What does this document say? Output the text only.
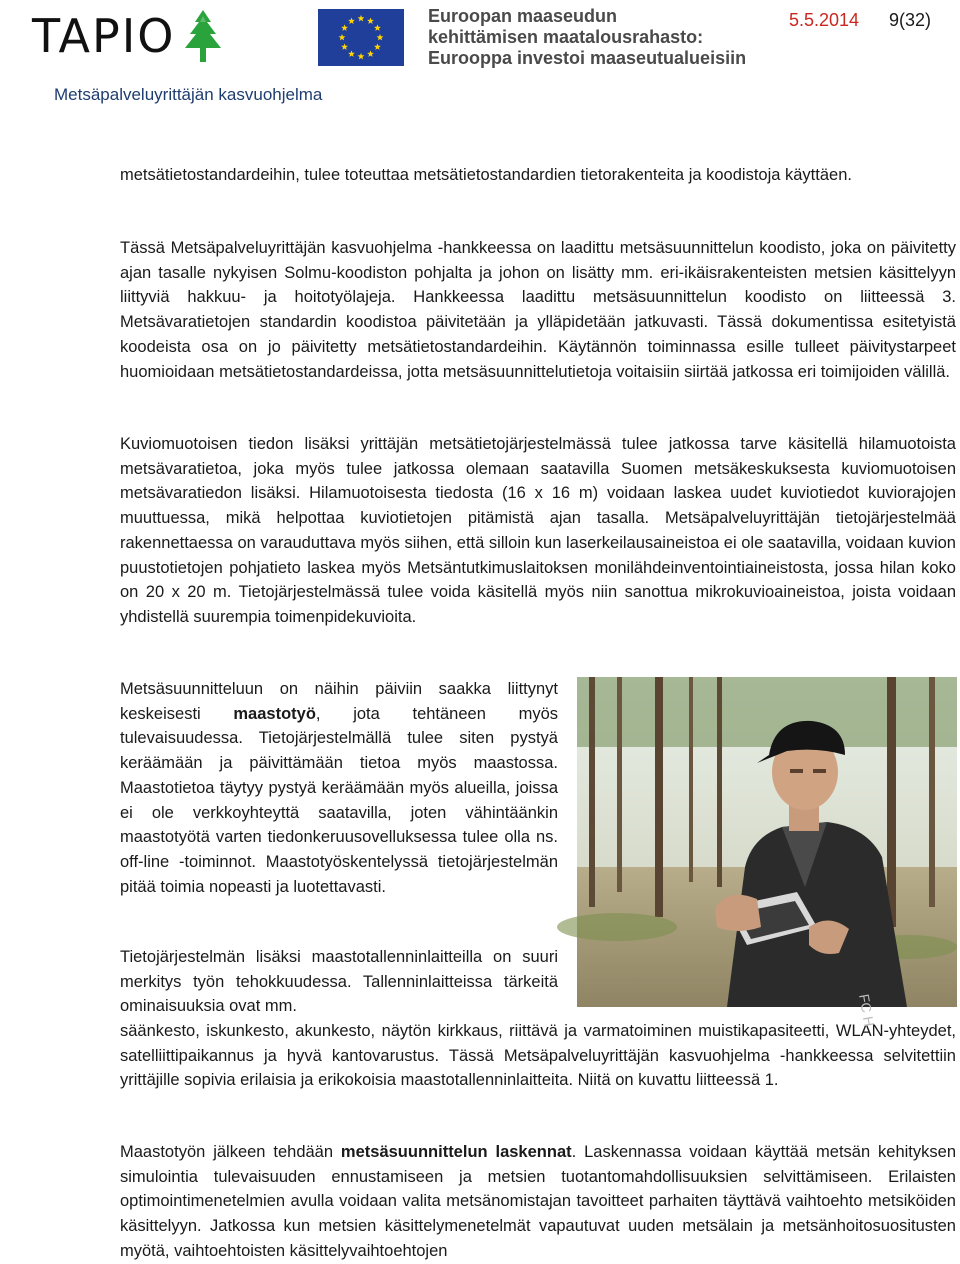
TAPIO	Euroopan maaseudun
kehittämisen maatalousrahasto:
Eurooppa investoi maaseutualueisiin
5.5.2014 9(32)
Metsäpalveluyrittäjän kasvuohjelma
metsätietostandardeihin, tulee toteuttaa metsätietostandardien tietorakenteita ja koodistoja käyttäen.
Tässä Metsäpalveluyrittäjän kasvuohjelma -hankkeessa on laadittu metsäsuunnittelun koodisto, joka on päivitetty ajan tasalle nykyisen Solmu-koodiston pohjalta ja johon on lisätty mm. eri-ikäisrakenteisten metsien käsittelyyn liittyviä hakkuu- ja hoitotyölajeja. Hankkeessa laadittu metsäsuunnittelun koodisto on liitteessä 3. Metsävaratietojen standardin koodistoa päivitetään ja ylläpidetään jatkuvasti. Tässä dokumentissa esitetyistä koodeista osa on jo päivitetty metsätietostandardeihin. Käytännön toiminnassa esille tulleet päivitystarpeet huomioidaan metsätietostandardeissa, jotta metsäsuunnittelutietoja voitaisiin siirtää jatkossa eri toimijoiden välillä.
Kuviomuotoisen tiedon lisäksi yrittäjän metsätietojärjestelmässä tulee jatkossa tarve käsitellä hilamuotoista metsävaratietoa, joka myös tulee jatkossa olemaan saatavilla Suomen metsäkeskuksesta kuviomuotoisen metsävaratiedon lisäksi. Hilamuotoisesta tiedosta (16 x 16 m) voidaan laskea uudet kuviotiedot kuviorajojen muuttuessa, mikä helpottaa kuviotietojen pitämistä ajan tasalla. Metsäpalveluyrittäjän tietojärjestelmää rakennettaessa on varauduttava myös siihen, että silloin kun laserkeilausaineistoa ei ole saatavilla, voidaan kuvion puustotietojen pohjatieto laskea myös Metsäntutkimuslaitoksen monilähdeinventointiaineistosta, jossa hilan koko on 20 x 20 m. Tietojärjestelmässä tulee voida käsitellä myös niin sanottua mikrokuvioaineistoa, joista voidaan yhdistellä suurempia toimenpidekuvioita.
Metsäsuunnitteluun on näihin päiviin saakka liittynyt keskeisesti maastotyö, jota tehtäneen myös tulevaisuudessa. Tietojärjestelmällä tulee siten pystyä keräämään ja päivittämään tietoa myös maastossa. Maastotietoa täytyy pystyä keräämään myös alueilla, joissa ei ole verkkoyhteyttä saatavilla, joten vähintäänkin maastotyötä varten tiedonkeruusovelluksessa tulee olla ns. off-line -toiminnot. Maastotyöskentelyssä tietojärjestelmän pitää toimia nopeasti ja luotettavasti.
Tietojärjestelmän lisäksi maastotallenninlaitteilla on suuri merkitys työn tehokkuudessa. Tallenninlaitteissa tärkeitä ominaisuuksia ovat mm.
säänkesto, iskunkesto, akunkesto, näytön kirkkaus, riittävä ja varmatoiminen muistikapasiteetti, WLAN-yhteydet, satelliittipaikannus ja hyvä kantovarustus. Tässä Metsäpalveluyrittäjän kasvuohjelma -hankkeessa selvitettiin yrittäjille sopivia erilaisia ja erikokoisia maastotallenninlaitteita. Niitä on kuvattu liitteessä 1.
Maastotyön jälkeen tehdään metsäsuunnittelun laskennat. Laskennassa voidaan käyttää metsän kehityksen simulointia tulevaisuuden ennustamiseen ja metsien tuotantomahdollisuuksien selvittämiseen. Erilaisten optimointimenetelmien avulla voidaan valita metsänomistajan tavoitteet parhaiten täyttävä vaihtoehto metsiköiden käsittelyyn. Jatkossa kun metsien käsittelymenetelmät vapautuvat uuden metsälain ja metsänhoitosuositusten myötä, vaihtoehtoisten käsittelyvaihtoehtojen
FC H
